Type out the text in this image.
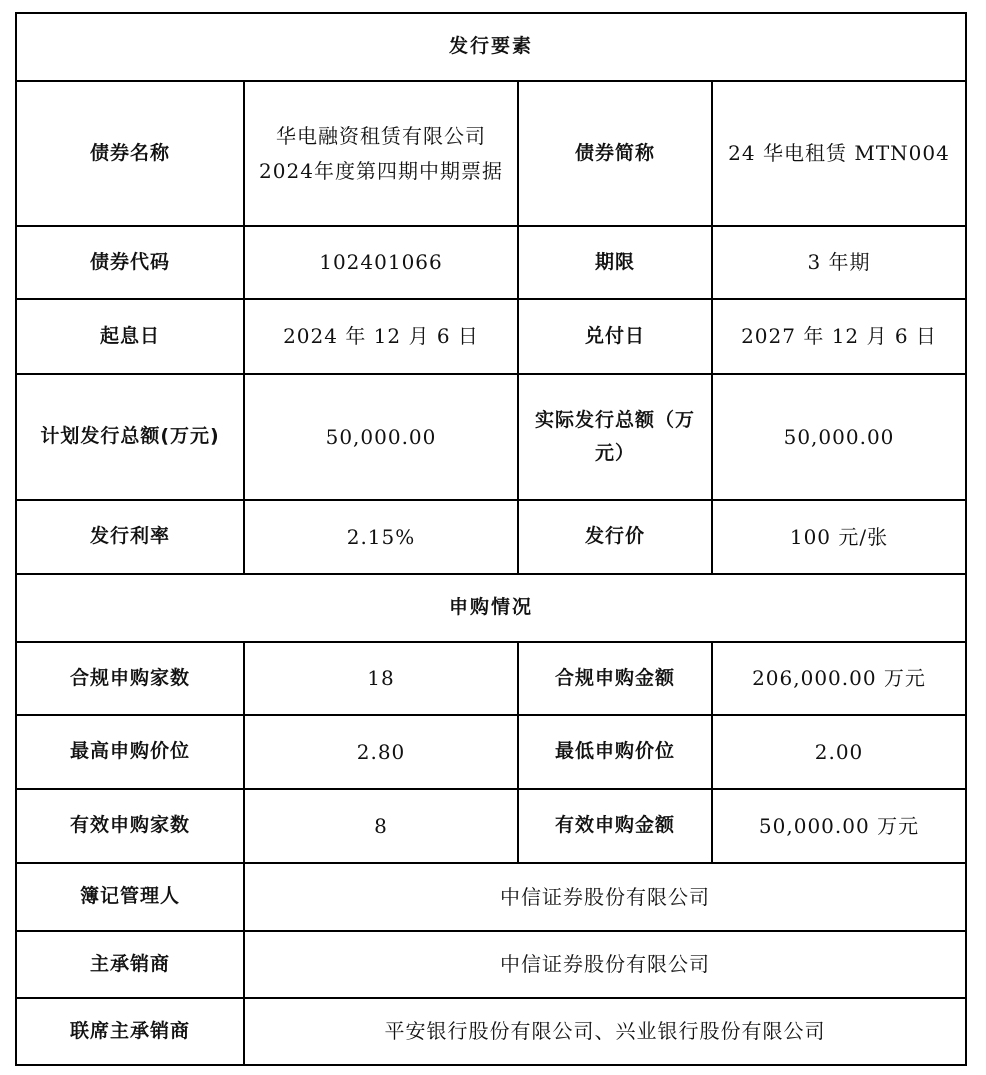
发行要素			
债券名称	华电融资租赁有限公司2024年度第四期中期票据	债券简称	24 华电租赁 MTN004
债券代码	102401066	期限	3 年期
起息日	2024 年 12 月 6 日	兑付日	2027 年 12 月 6 日
计划发行总额(万元)	50,000.00	实际发行总额（万元）	50,000.00
发行利率	2.15%	发行价	100 元/张
申购情况			
合规申购家数	18	合规申购金额	206,000.00 万元
最高申购价位	2.80	最低申购价位	2.00
有效申购家数	8	有效申购金额	50,000.00 万元
簿记管理人	中信证券股份有限公司		
主承销商	中信证券股份有限公司		
联席主承销商	平安银行股份有限公司、兴业银行股份有限公司		
